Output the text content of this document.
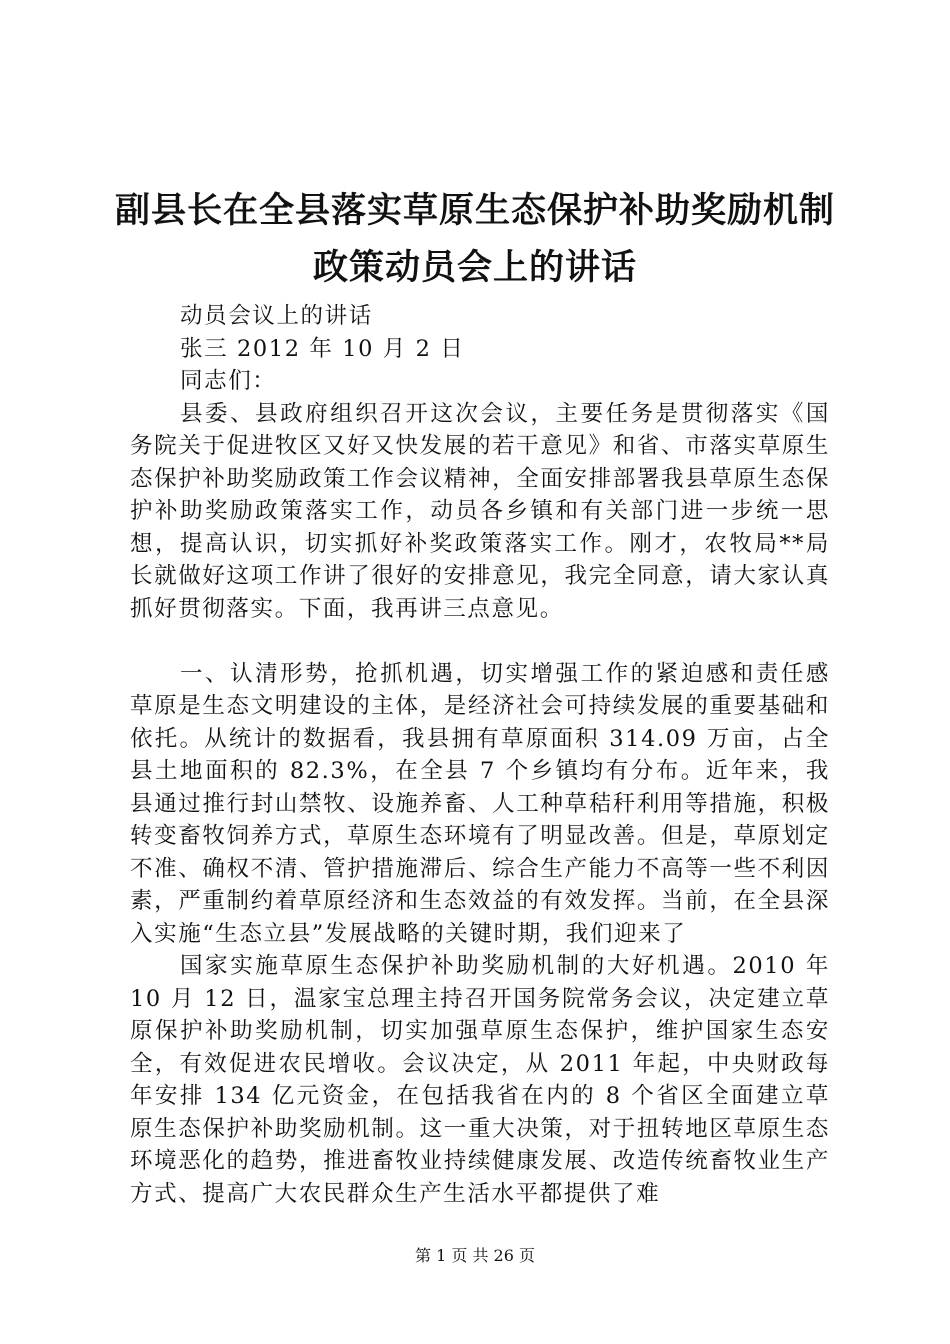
副县长在全县落实草原生态保护补助奖励机制
政策动员会上的讲话

动员会议上的讲话

张三 2012 年 10 月 2 日

同志们：

县委、县政府组织召开这次会议，主要任务是贯彻落实《国务院关于促进牧区又好又快发展的若干意见》和省、市落实草原生态保护补助奖励政策工作会议精神，全面安排部署我县草原生态保护补助奖励政策落实工作，动员各乡镇和有关部门进一步统一思想，提高认识，切实抓好补奖政策落实工作。刚才，农牧局**局长就做好这项工作讲了很好的安排意见，我完全同意，请大家认真抓好贯彻落实。下面，我再讲三点意见。

一、认清形势，抢抓机遇，切实增强工作的紧迫感和责任感草原是生态文明建设的主体，是经济社会可持续发展的重要基础和依托。从统计的数据看，我县拥有草原面积 314.09 万亩，占全县土地面积的 82.3%，在全县 7 个乡镇均有分布。近年来，我县通过推行封山禁牧、设施养畜、人工种草秸秆利用等措施，积极转变畜牧饲养方式，草原生态环境有了明显改善。但是，草原划定不准、确权不清、管护措施滞后、综合生产能力不高等一些不利因素，严重制约着草原经济和生态效益的有效发挥。当前，在全县深入实施“生态立县”发展战略的关键时期，我们迎来了

国家实施草原生态保护补助奖励机制的大好机遇。2010 年 10 月 12 日，温家宝总理主持召开国务院常务会议，决定建立草原保护补助奖励机制，切实加强草原生态保护，维护国家生态安全，有效促进农民增收。会议决定，从 2011 年起，中央财政每年安排 134 亿元资金，在包括我省在内的 8 个省区全面建立草原生态保护补助奖励机制。这一重大决策，对于扭转地区草原生态环境恶化的趋势，推进畜牧业持续健康发展、改造传统畜牧业生产方式、提高广大农民群众生产生活水平都提供了难

第 1 页 共 26 页
